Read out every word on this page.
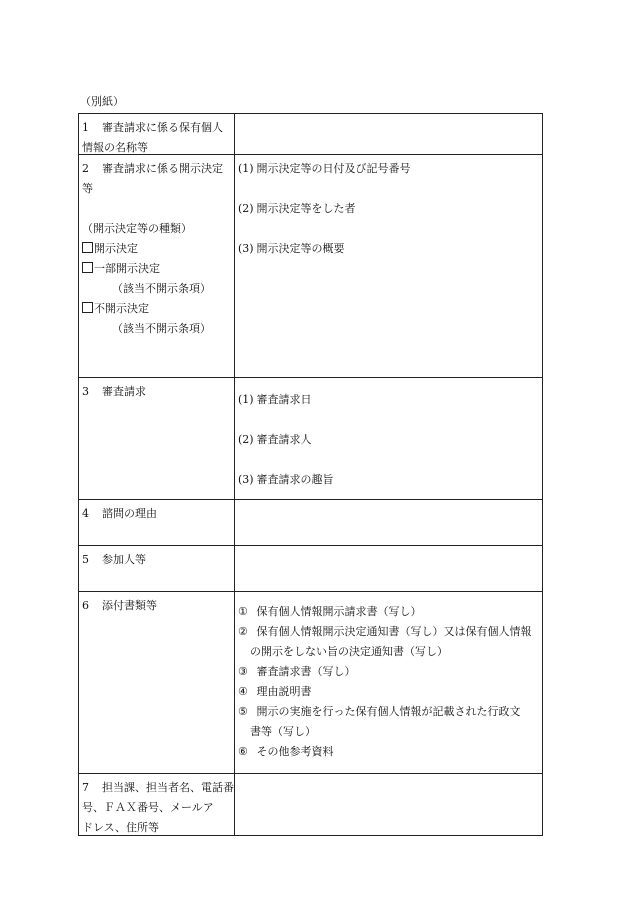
（別紙）
1 審査請求に係る保有個人
情報の名称等
2 審査請求に係る開示決定
等
（開示決定等の種類）
開示決定
一部開示決定
（該当不開示条項）
不開示決定
（該当不開示条項）
(1) 開示決定等の日付及び記号番号
(2) 開示決定等をした者
(3) 開示決定等の概要
3 審査請求
(1) 審査請求日
(2) 審査請求人
(3) 審査請求の趣旨
4 諮問の理由
5 参加人等
6 添付書類等	① 保有個人情報開示請求書（写し）
② 保有個人情報開示決定通知書（写し）又は保有個人情報
の開示をしない旨の決定通知書（写し）
③ 審査請求書（写し）
④ 理由説明書
⑤ 開示の実施を行った保有個人情報が記載された行政文
書等（写し）
⑥ その他参考資料
7 担当課、担当者名、電話番
号、ＦＡＸ番号、メールア
ドレス、住所等
